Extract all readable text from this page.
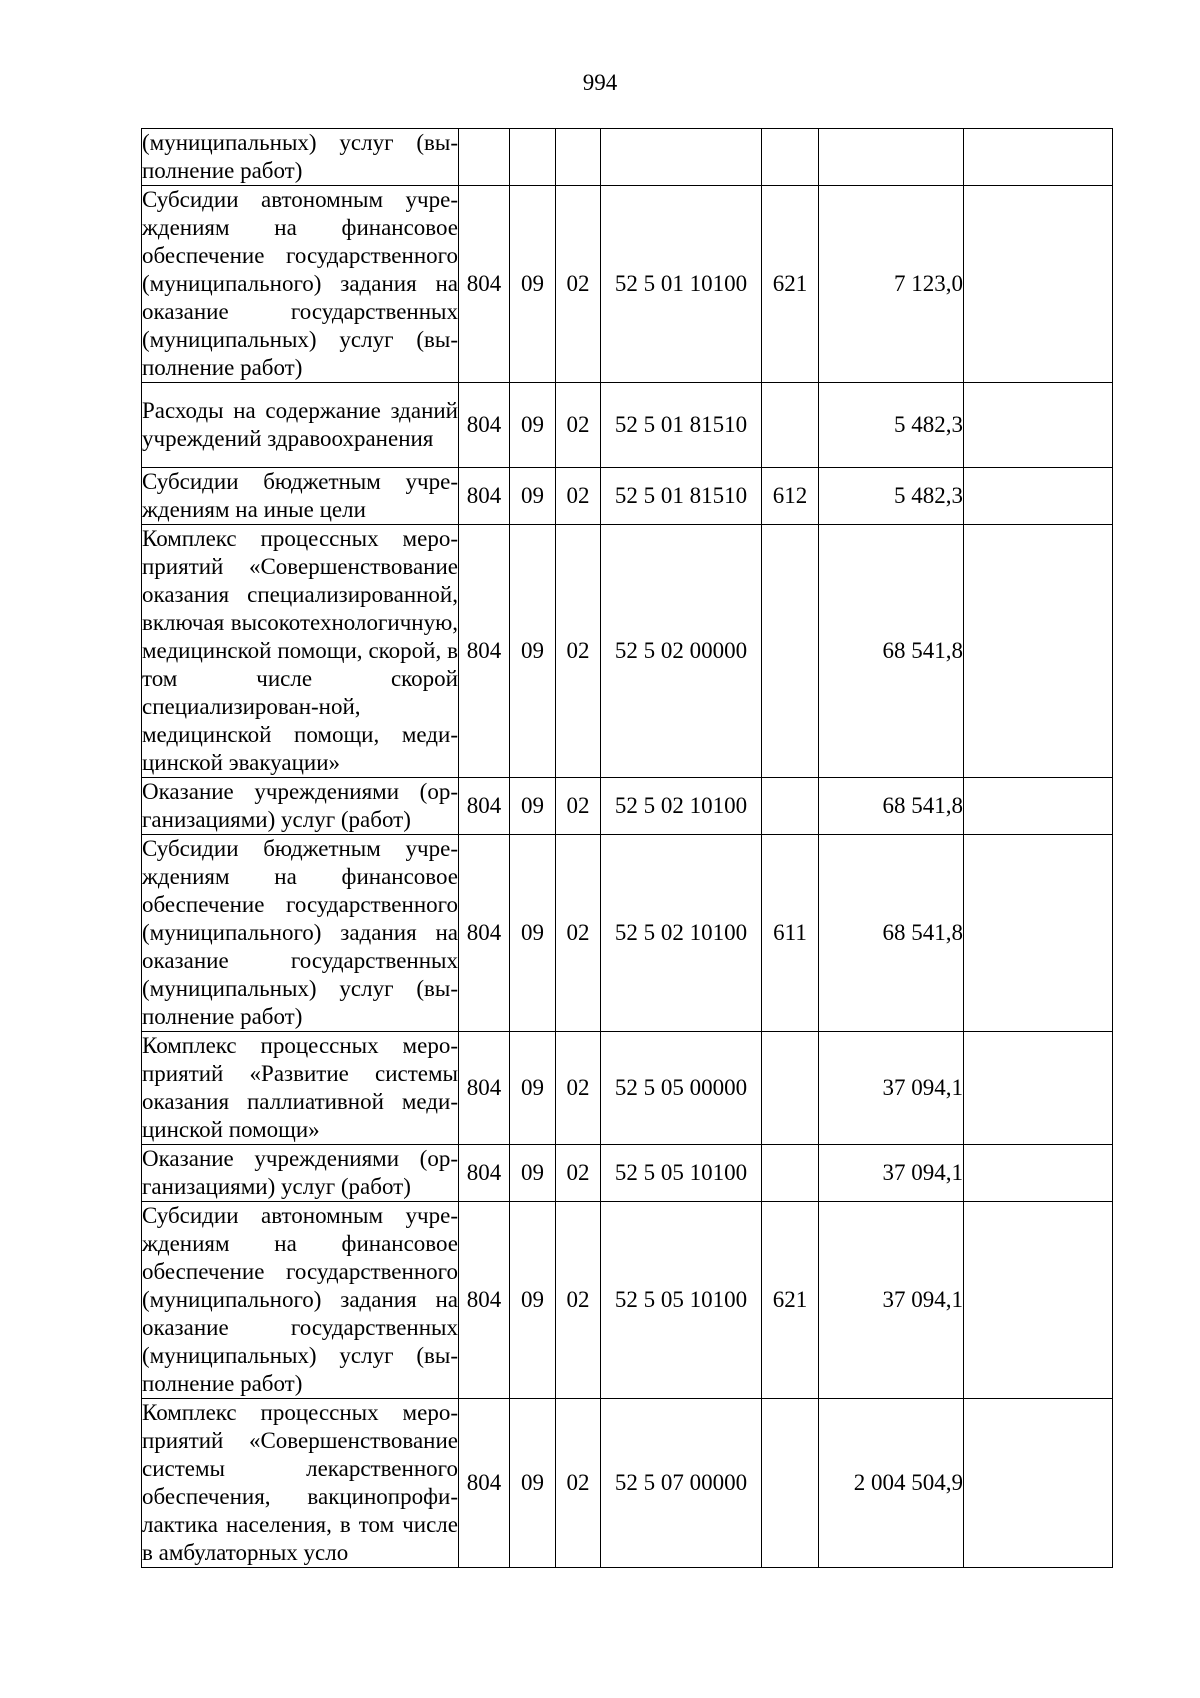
994
(муниципальных) услуг (выполнение работ)							
Субсидии автономным учреждениям на финансовое обеспечение государственного (муниципального) задания на оказание государственных (муниципальных) услуг (выполнение работ)	804	09	02	52 5 01 10100	621	7 123,0	
Расходы на содержание зданий учреждений здравоохранения	804	09	02	52 5 01 81510		5 482,3	
Субсидии бюджетным учреждениям на иные цели	804	09	02	52 5 01 81510	612	5 482,3	
Комплекс процессных мероприятий «Совершенствование оказания специализированной, включая высокотехнологичную, медицинской помощи, скорой, в том числе скорой специализирован-ной, медицинской помощи, медицинской эвакуации»	804	09	02	52 5 02 00000		68 541,8	
Оказание учреждениями (организациями) услуг (работ)	804	09	02	52 5 02 10100		68 541,8	
Субсидии бюджетным учреждениям на финансовое обеспечение государственного (муниципального) задания на оказание государственных (муниципальных) услуг (выполнение работ)	804	09	02	52 5 02 10100	611	68 541,8	
Комплекс процессных мероприятий «Развитие системы оказания паллиативной медицинской помощи»	804	09	02	52 5 05 00000		37 094,1	
Оказание учреждениями (организациями) услуг (работ)	804	09	02	52 5 05 10100		37 094,1	
Субсидии автономным учреждениям на финансовое обеспечение государственного (муниципального) задания на оказание государственных (муниципальных) услуг (выполнение работ)	804	09	02	52 5 05 10100	621	37 094,1	
Комплекс процессных мероприятий «Совершенствование системы лекарственного обеспечения, вакцинопрофилактика населения, в том числе в амбулаторных усло	804	09	02	52 5 07 00000		2 004 504,9	
